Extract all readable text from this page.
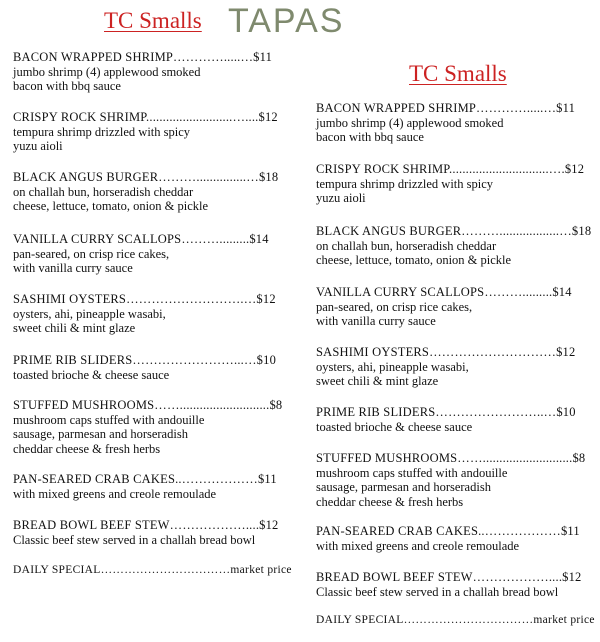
TC Smalls TAPAS
TC Smalls
BACON WRAPPED SHRIMP………….....…$11
jumbo shrimp (4) applewood smoked
bacon with bbq sauce
CRISPY ROCK SHRIMP..........................…....$12
tempura shrimp drizzled with spicy
yuzu aioli
BLACK ANGUS BURGER………...............…$18
on challah bun, horseradish cheddar
cheese, lettuce, tomato, onion & pickle
VANILLA CURRY SCALLOPS……….........$14
pan-seared, on crisp rice cakes,
with vanilla curry sauce
SASHIMI OYSTERS……………………….…$12
oysters, ahi, pineapple wasabi,
sweet chili & mint glaze
PRIME RIB SLIDERS……………………...…$10
toasted brioche & cheese sauce
STUFFED MUSHROOMS……...........................$8
mushroom caps stuffed with andouille
sausage, parmesan and horseradish
cheddar cheese & fresh herbs
PAN-SEARED CRAB CAKES..………………$11
with mixed greens and creole remoulade
BREAD BOWL BEEF STEW………………....$12
Classic beef stew served in a challah bread bowl
DAILY SPECIAL……………………………market price
BACON WRAPPED SHRIMP………….....…$11
jumbo shrimp (4) applewood smoked
bacon with bbq sauce
CRISPY ROCK SHRIMP..............................….$12
tempura shrimp drizzled with spicy
yuzu aioli
BLACK ANGUS BURGER………..................…$18
on challah bun, horseradish cheddar
cheese, lettuce, tomato, onion & pickle
VANILLA CURRY SCALLOPS……….........$14
pan-seared, on crisp rice cakes,
with vanilla curry sauce
SASHIMI OYSTERS…………………………$12
oysters, ahi, pineapple wasabi,
sweet chili & mint glaze
PRIME RIB SLIDERS……………………..…$10
toasted brioche & cheese sauce
STUFFED MUSHROOMS……...........................$8
mushroom caps stuffed with andouille
sausage, parmesan and horseradish
cheddar cheese & fresh herbs
PAN-SEARED CRAB CAKES..………………$11
with mixed greens and creole remoulade
BREAD BOWL BEEF STEW………………....$12
Classic beef stew served in a challah bread bowl
DAILY SPECIAL……………………………market price
